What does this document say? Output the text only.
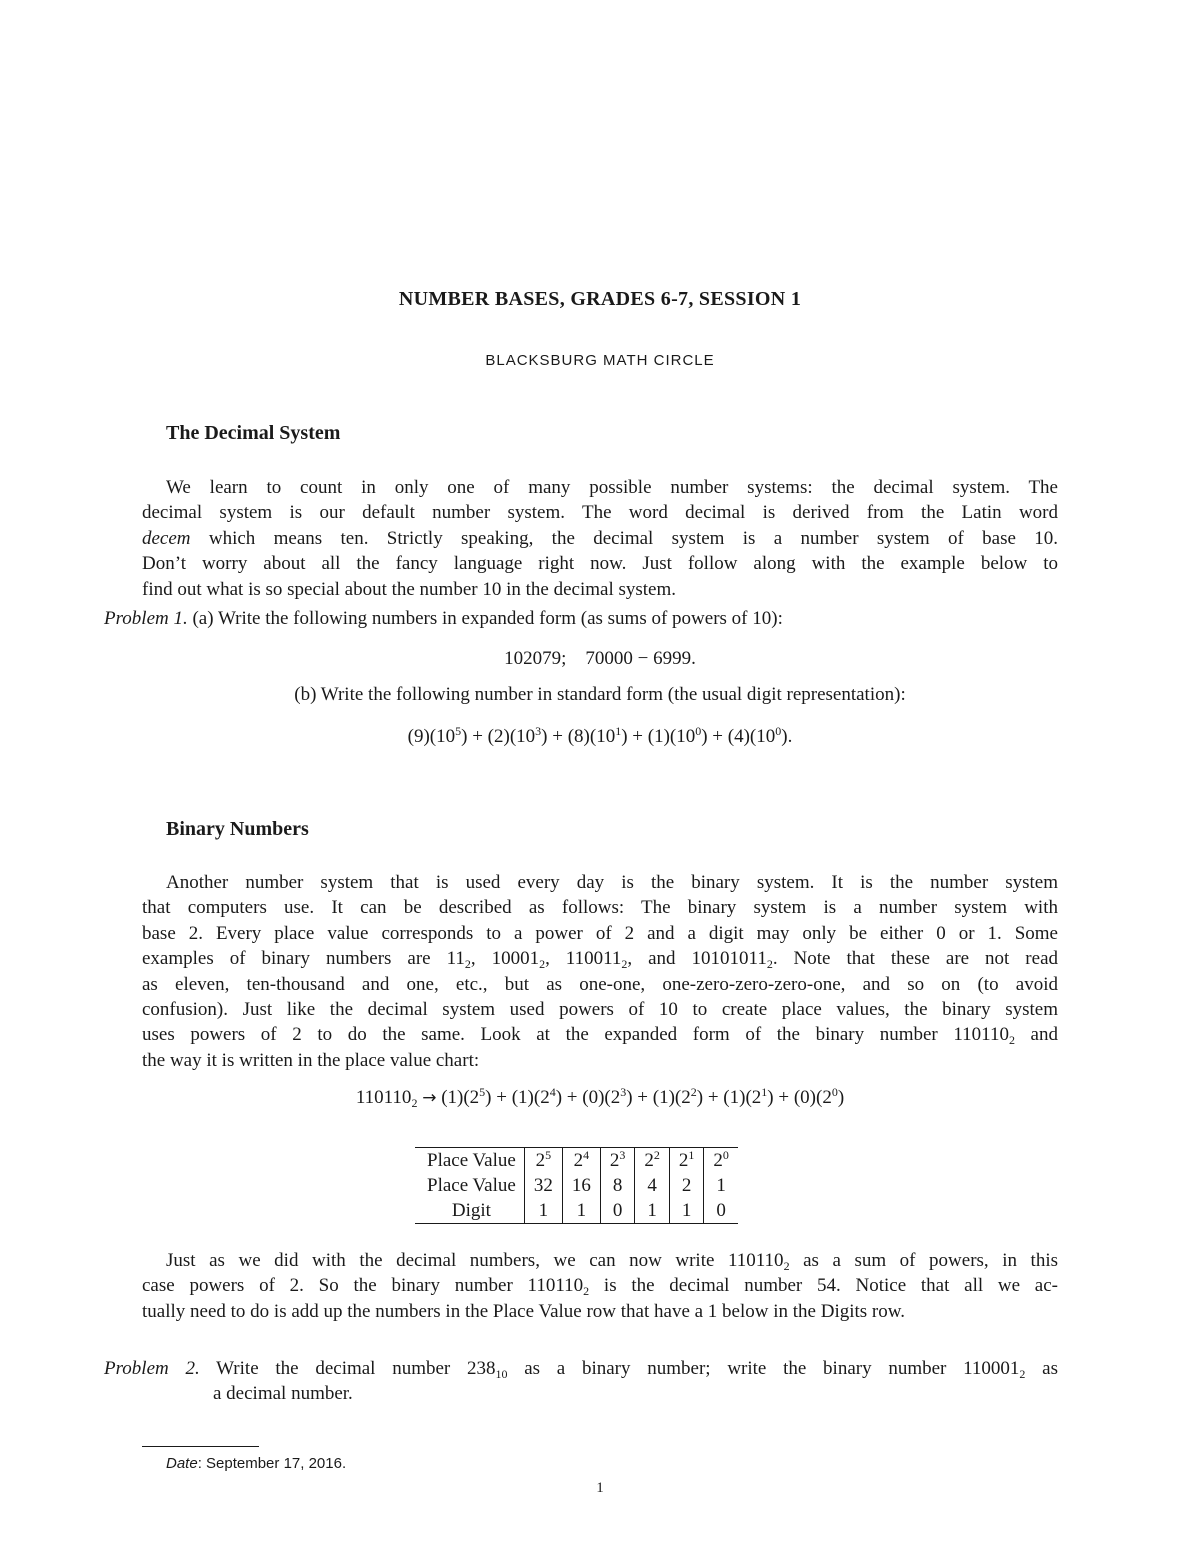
NUMBER BASES, GRADES 6-7, SESSION 1
BLACKSBURG MATH CIRCLE
The Decimal System
We learn to count in only one of many possible number systems: the decimal system. The
decimal system is our default number system. The word decimal is derived from the Latin word
decem which means ten. Strictly speaking, the decimal system is a number system of base 10.
Don’t worry about all the fancy language right now. Just follow along with the example below to
find out what is so special about the number 10 in the decimal system.
Problem 1. (a) Write the following numbers in expanded form (as sums of powers of 10):
102079;    70000 − 6999.
(b) Write the following number in standard form (the usual digit representation):
$(9)(10^5) + (2)(10^3) + (8)(10^1) + (1)(10^0) + (4)(10^0)$.
Binary Numbers
Another number system that is used every day is the binary system. It is the number system
that computers use. It can be described as follows: The binary system is a number system with
base 2. Every place value corresponds to a power of 2 and a digit may only be either 0 or 1. Some
examples of binary numbers are $11_2$, $10001_2$, $110011_2$, and $10101011_2$. Note that these are not read
as eleven, ten-thousand and one, etc., but as one-one, one-zero-zero-zero-one, and so on (to avoid
confusion). Just like the decimal system used powers of 10 to create place values, the binary system
uses powers of 2 to do the same. Look at the expanded form of the binary number $110110_2$ and
the way it is written in the place value chart:
$110110_2 \to (1)(2^5) + (1)(2^4) + (0)(2^3) + (1)(2^2) + (1)(2^1) + (0)(2^0)$
Place Value	$2^5$	$2^4$	$2^3$	$2^2$	$2^1$	$2^0$
Place Value	32	16	8	4	2	1
Digit	1	1	0	1	1	0
Just as we did with the decimal numbers, we can now write $110110_2$ as a sum of powers, in this
case powers of 2. So the binary number $110110_2$ is the decimal number 54. Notice that all we ac-
tually need to do is add up the numbers in the Place Value row that have a 1 below in the Digits row.
Problem 2. Write the decimal number $238_{10}$ as a binary number; write the binary number $110001_2$ as
a decimal number.
Date: September 17, 2016.
1
